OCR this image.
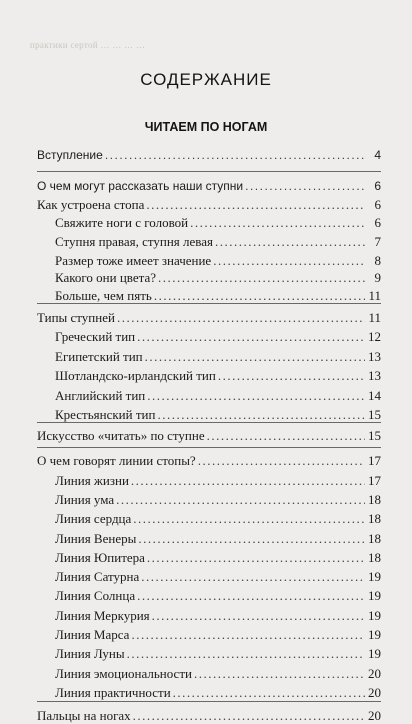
практики сертой … … … …
СОДЕРЖАНИЕ
ЧИТАЕМ ПО НОГАМ
Вступление .....	4
О чем могут рассказать наши ступни .....	6
Как устроена стопа .....	6
Свяжите ноги с головой .....	6
Ступня правая, ступня левая .....	7
Размер тоже имеет значение .....	8
Какого они цвета? .....	9
Больше, чем пять .....	11
Типы ступней .....	11
Греческий тип .....	12
Египетский тип .....	13
Шотландско-ирландский тип .....	13
Английский тип .....	14
Крестьянский тип .....	15
Искусство «читать» по ступне .....	15
О чем говорят линии стопы? .....	17
Линия жизни .....	17
Линия ума .....	18
Линия сердца .....	18
Линия Венеры .....	18
Линия Юпитера .....	18
Линия Сатурна .....	19
Линия Солнца .....	19
Линия Меркурия .....	19
Линия Марса .....	19
Линия Луны .....	19
Линия эмоциональности .....	20
Линия практичности .....	20
Пальцы на ногах .....	20
